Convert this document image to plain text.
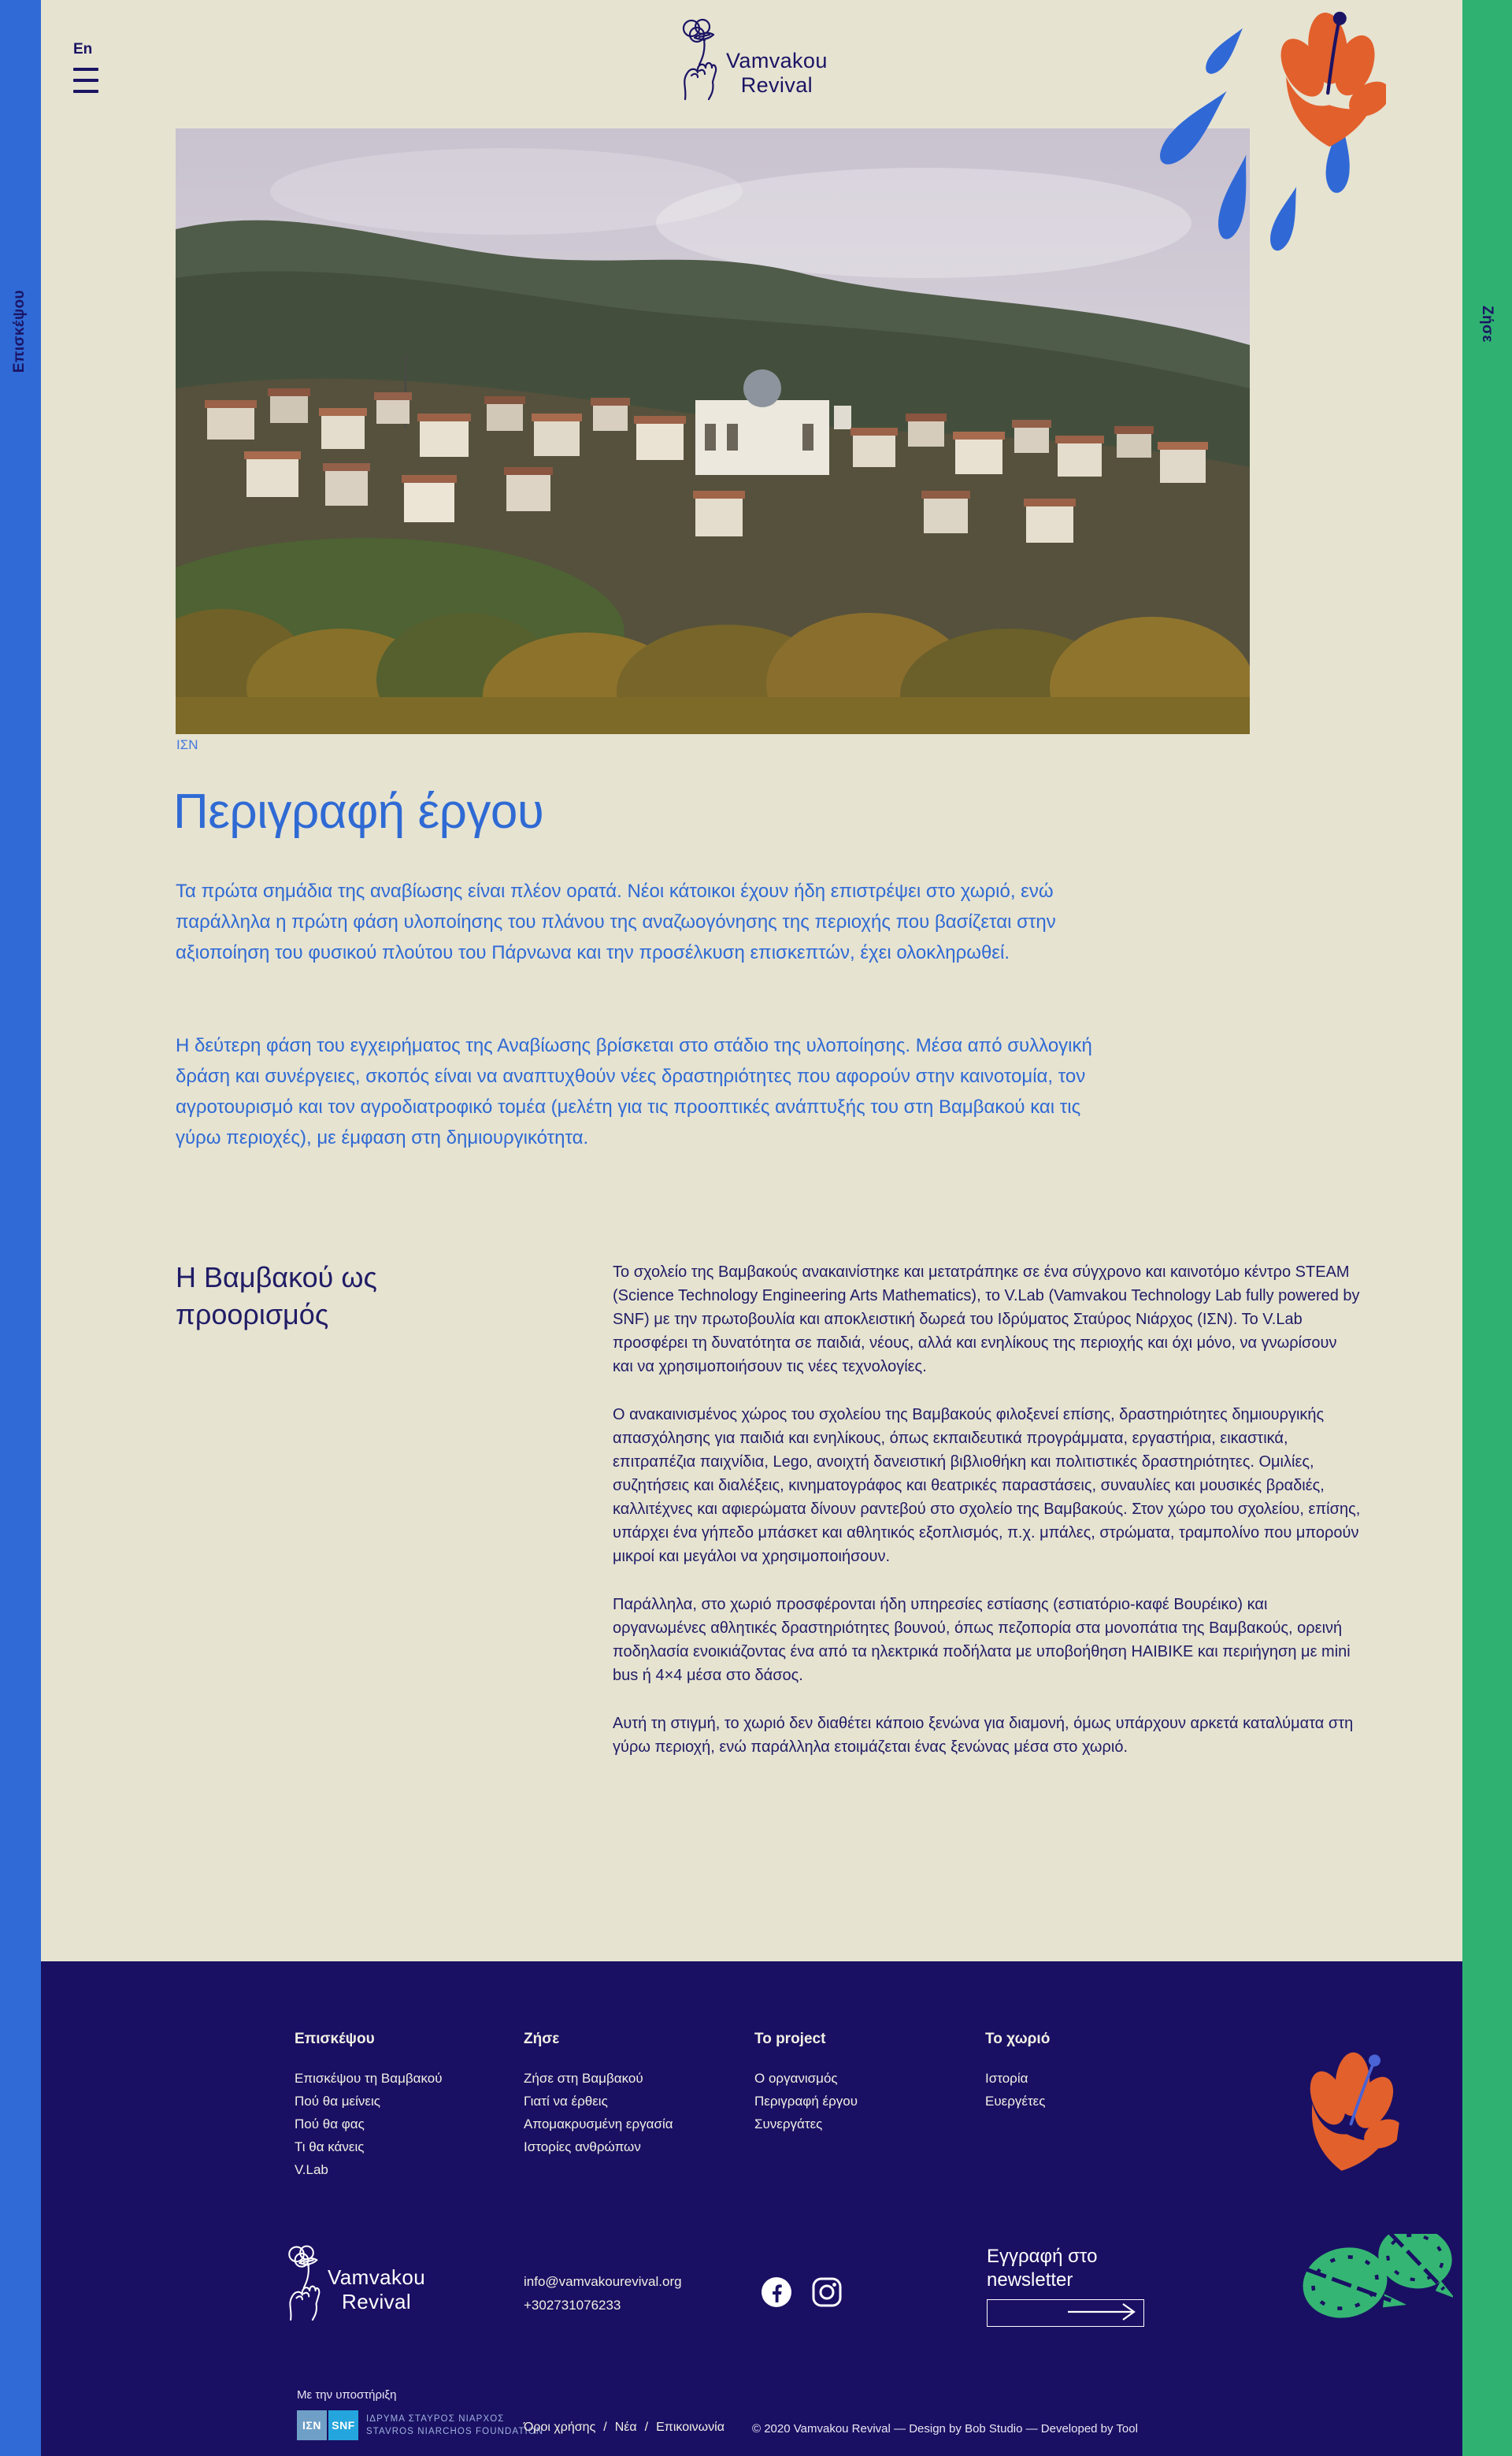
Επισκέψου	Ζήσε
En	Vamvakou
Revival
ΙΣΝ
Περιγραφή έργου

Τα πρώτα σημάδια της αναβίωσης είναι πλέον ορατά. Νέοι κάτοικοι έχουν ήδη επιστρέψει στο χωριό, ενώ παράλληλα η πρώτη φάση υλοποίησης του πλάνου της αναζωογόνησης της περιοχής που βασίζεται στην αξιοποίηση του φυσικού πλούτου του Πάρνωνα και την προσέλκυση επισκεπτών, έχει ολοκληρωθεί.

Η δεύτερη φάση του εγχειρήματος της Αναβίωσης βρίσκεται στο στάδιο της υλοποίησης. Μέσα από συλλογική δράση και συνέργειες, σκοπός είναι να αναπτυχθούν νέες δραστηριότητες που αφορούν στην καινοτομία, τον αγροτουρισμό και τον αγροδιατροφικό τομέα (μελέτη για τις προοπτικές ανάπτυξής του στη Βαμβακού και τις γύρω περιοχές), με έμφαση στη δημιουργικότητα.

Η Βαμβακού ως προορισμός

Το σχολείο της Βαμβακούς ανακαινίστηκε και μετατράπηκε σε ένα σύγχρονο και καινοτόμο κέντρο STEAM (Science Technology Engineering Arts Mathematics), το V.Lab (Vamvakou Technology Lab fully powered by SNF) με την πρωτοβουλία και αποκλειστική δωρεά του Ιδρύματος Σταύρος Νιάρχος (ΙΣΝ). Το V.Lab προσφέρει τη δυνατότητα σε παιδιά, νέους, αλλά και ενηλίκους της περιοχής και όχι μόνο, να γνωρίσουν και να χρησιμοποιήσουν τις νέες τεχνολογίες.

Ο ανακαινισμένος χώρος του σχολείου της Βαμβακούς φιλοξενεί επίσης, δραστηριότητες δημιουργικής απασχόλησης για παιδιά και ενηλίκους, όπως εκπαιδευτικά προγράμματα, εργαστήρια, εικαστικά, επιτραπέζια παιχνίδια, Lego, ανοιχτή δανειστική βιβλιοθήκη και πολιτιστικές δραστηριότητες. Ομιλίες, συζητήσεις και διαλέξεις, κινηματογράφος και θεατρικές παραστάσεις, συναυλίες και μουσικές βραδιές, καλλιτέχνες και αφιερώματα δίνουν ραντεβού στο σχολείο της Βαμβακούς. Στον χώρο του σχολείου, επίσης, υπάρχει ένα γήπεδο μπάσκετ και αθλητικός εξοπλισμός, π.χ. μπάλες, στρώματα, τραμπολίνο που μπορούν μικροί και μεγάλοι να χρησιμοποιήσουν.

Παράλληλα, στο χωριό προσφέρονται ήδη υπηρεσίες εστίασης (εστιατόριο-καφέ Βουρέικο) και οργανωμένες αθλητικές δραστηριότητες βουνού, όπως πεζοπορία στα μονοπάτια της Βαμβακούς, ορεινή ποδηλασία ενοικιάζοντας ένα από τα ηλεκτρικά ποδήλατα με υποβοήθηση HAIBIKE και περιήγηση με mini bus ή 4×4 μέσα στο δάσος.

Αυτή τη στιγμή, το χωριό δεν διαθέτει κάποιο ξενώνα για διαμονή, όμως υπάρχουν αρκετά καταλύματα στη γύρω περιοχή, ενώ παράλληλα ετοιμάζεται ένας ξενώνας μέσα στο χωριό.

Επισκέψου
Επισκέψου τη Βαμβακού
Πού θα μείνεις
Πού θα φας
Τι θα κάνεις
V.Lab
Ζήσε
Ζήσε στη Βαμβακού
Γιατί να έρθεις
Απομακρυσμένη εργασία
Ιστορίες ανθρώπων
To project
Ο οργανισμός
Περιγραφή έργου
Συνεργάτες
Το χωριό
Ιστορία
Ευεργέτες
Vamvakou
Revival
info@vamvakourevival.org
+302731076233
Εγγραφή στο newsletter
Με την υποστήριξη
ΙΣΝ SNF	ΙΔΡΥΜΑ ΣΤΑΥΡΟΣ ΝΙΑΡΧΟΣ
STAVROS NIARCHOS FOUNDATION
Όροι χρήσης / Νέα / Επικοινωνία © 2020 Vamvakou Revival — Design by Bob Studio — Developed by Tool
